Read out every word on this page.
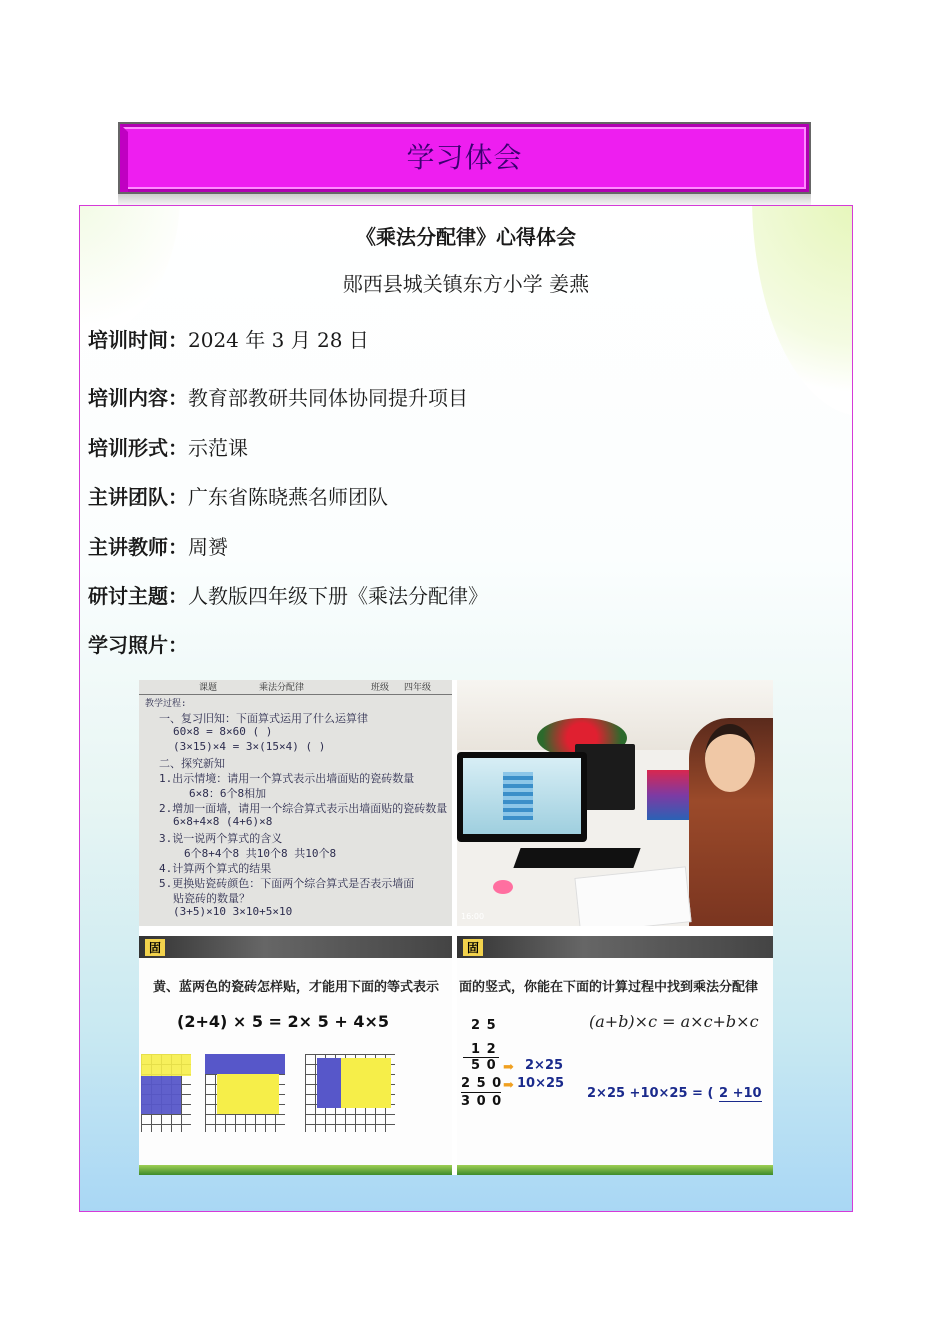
学习体会
《乘法分配律》心得体会
郧西县城关镇东方小学 姜燕
培训时间：2024 年 3 月 28 日
培训内容：教育部教研共同体协同提升项目
培训形式：示范课
主讲团队：广东省陈晓燕名师团队
主讲教师：周赟
研讨主题：人教版四年级下册《乘法分配律》
学习照片：
课题	乘法分配律	班级 四年级
教学过程:
一、复习旧知：下面算式运用了什么运算律
60×8 = 8×60 ( )
(3×15)×4 = 3×(15×4) ( )
二、探究新知
1.出示情境：请用一个算式表示出墙面贴的瓷砖数量
6×8：6个8相加
2.增加一面墙，请用一个综合算式表示出墙面贴的瓷砖数量
6×8+4×8 (4+6)×8
3.说一说两个算式的含义
6个8+4个8 共10个8 共10个8
4.计算两个算式的结果
5.更换贴瓷砖颜色：下面两个综合算式是否表示墙面
贴瓷砖的数量？
(3+5)×10 3×10+5×10	16:00
固
黄、蓝两色的瓷砖怎样贴，才能用下面的等式表示
(2+4) × 5 = 2× 5 + 4×5
固
面的竖式，你能在下面的计算过程中找到乘法分配律
(a+b)×c = a×c+b×c
2 5
1 2
5 0
2 5 0
3 0 0
➡ 2×25
➡ 10×25
2×25 +10×25 = ( 2 +10
